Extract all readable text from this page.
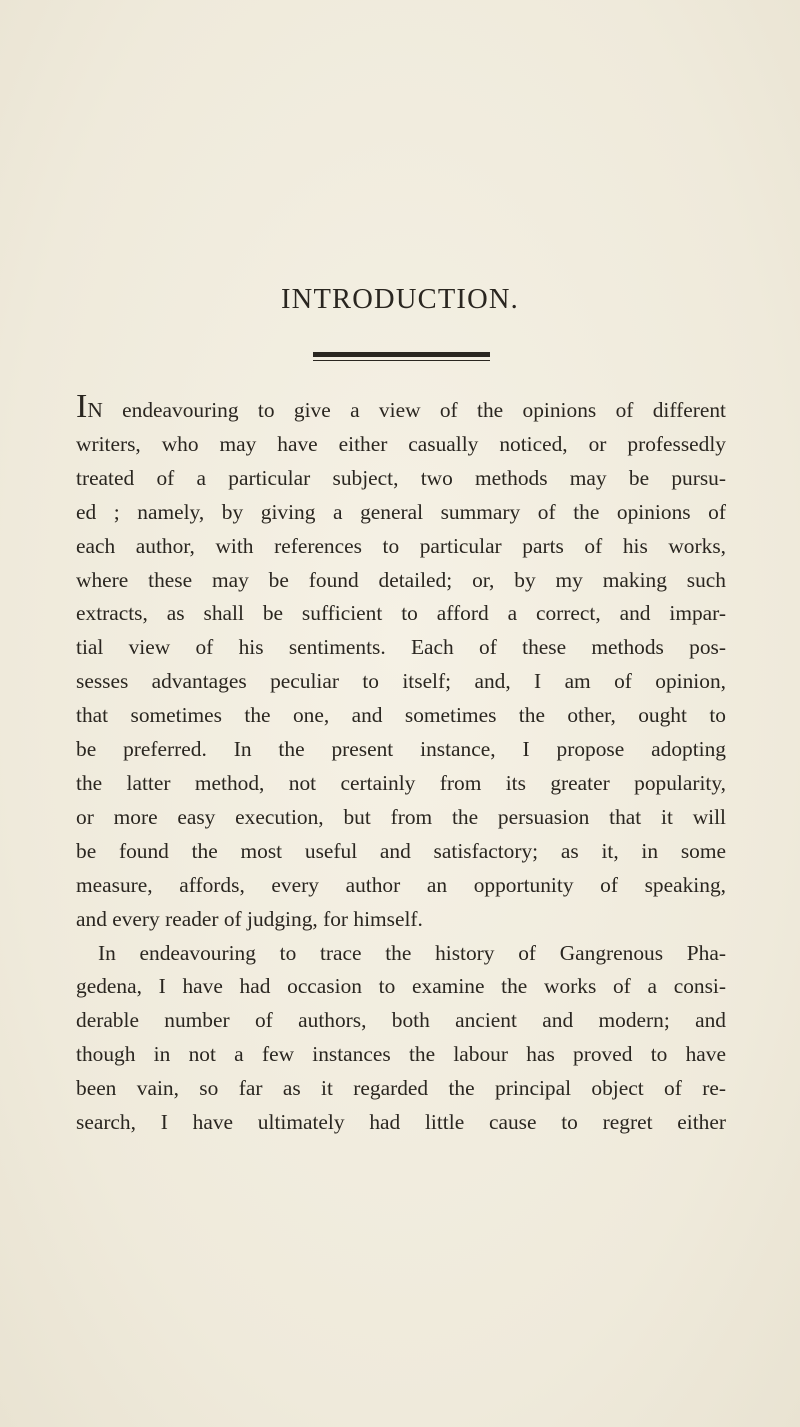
INTRODUCTION.
IN endeavouring to give a view of the opinions of different
writers, who may have either casually noticed, or professedly
treated of a particular subject, two methods may be pursu-
ed ; namely, by giving a general summary of the opinions of
each author, with references to particular parts of his works,
where these may be found detailed; or, by my making such
extracts, as shall be sufficient to afford a correct, and impar-
tial view of his sentiments. Each of these methods pos-
sesses advantages peculiar to itself; and, I am of opinion,
that sometimes the one, and sometimes the other, ought to
be preferred. In the present instance, I propose adopting
the latter method, not certainly from its greater popularity,
or more easy execution, but from the persuasion that it will
be found the most useful and satisfactory; as it, in some
measure, affords, every author an opportunity of speaking,
and every reader of judging, for himself.
In endeavouring to trace the history of Gangrenous Pha-
gedena, I have had occasion to examine the works of a consi-
derable number of authors, both ancient and modern; and
though in not a few instances the labour has proved to have
been vain, so far as it regarded the principal object of re-
search, I have ultimately had little cause to regret either
